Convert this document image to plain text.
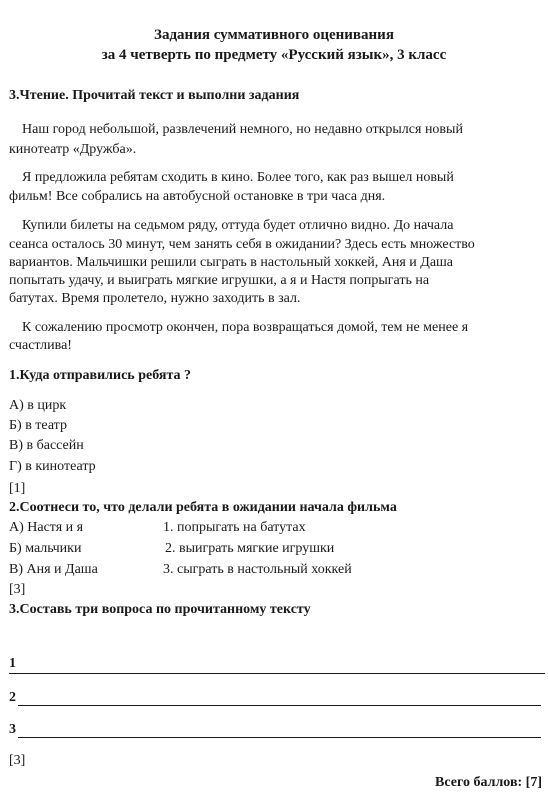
Задания суммативного оценивания
за 4 четверть по предмету «Русский язык», 3 класс
3.Чтение. Прочитай текст и выполни задания
Наш город небольшой, развлечений немного, но недавно открылся новый
кинотеатр «Дружба».
Я предложила ребятам сходить в кино. Более того, как раз вышел новый
фильм! Все собрались на автобусной остановке в три часа дня.
Купили билеты на седьмом ряду, оттуда будет отлично видно. До начала
сеанса осталось 30 минут, чем занять себя в ожидании? Здесь есть множество
вариантов. Мальчишки решили сыграть в настольный хоккей, Аня и Даша
попытать удачу, и выиграть мягкие игрушки, а я и Настя попрыгать на
батутах. Время пролетело, нужно заходить в зал.
К сожалению просмотр окончен, пора возвращаться домой, тем не менее я
счастлива!
1.Куда отправились ребята ?
А) в цирк
Б) в театр
В) в бассейн
Г) в кинотеатр
[1]
2.Соотнеси то, что делали ребята в ожидании начала фильма
А) Настя и я
Б) мальчики
В) Аня и Даша
1. попрыгать на батутах
2. выиграть мягкие игрушки
3. сыграть в настольный хоккей
[3]
3.Составь три вопроса по прочитанному тексту
1
2
3
[3]
Всего баллов: [7]
